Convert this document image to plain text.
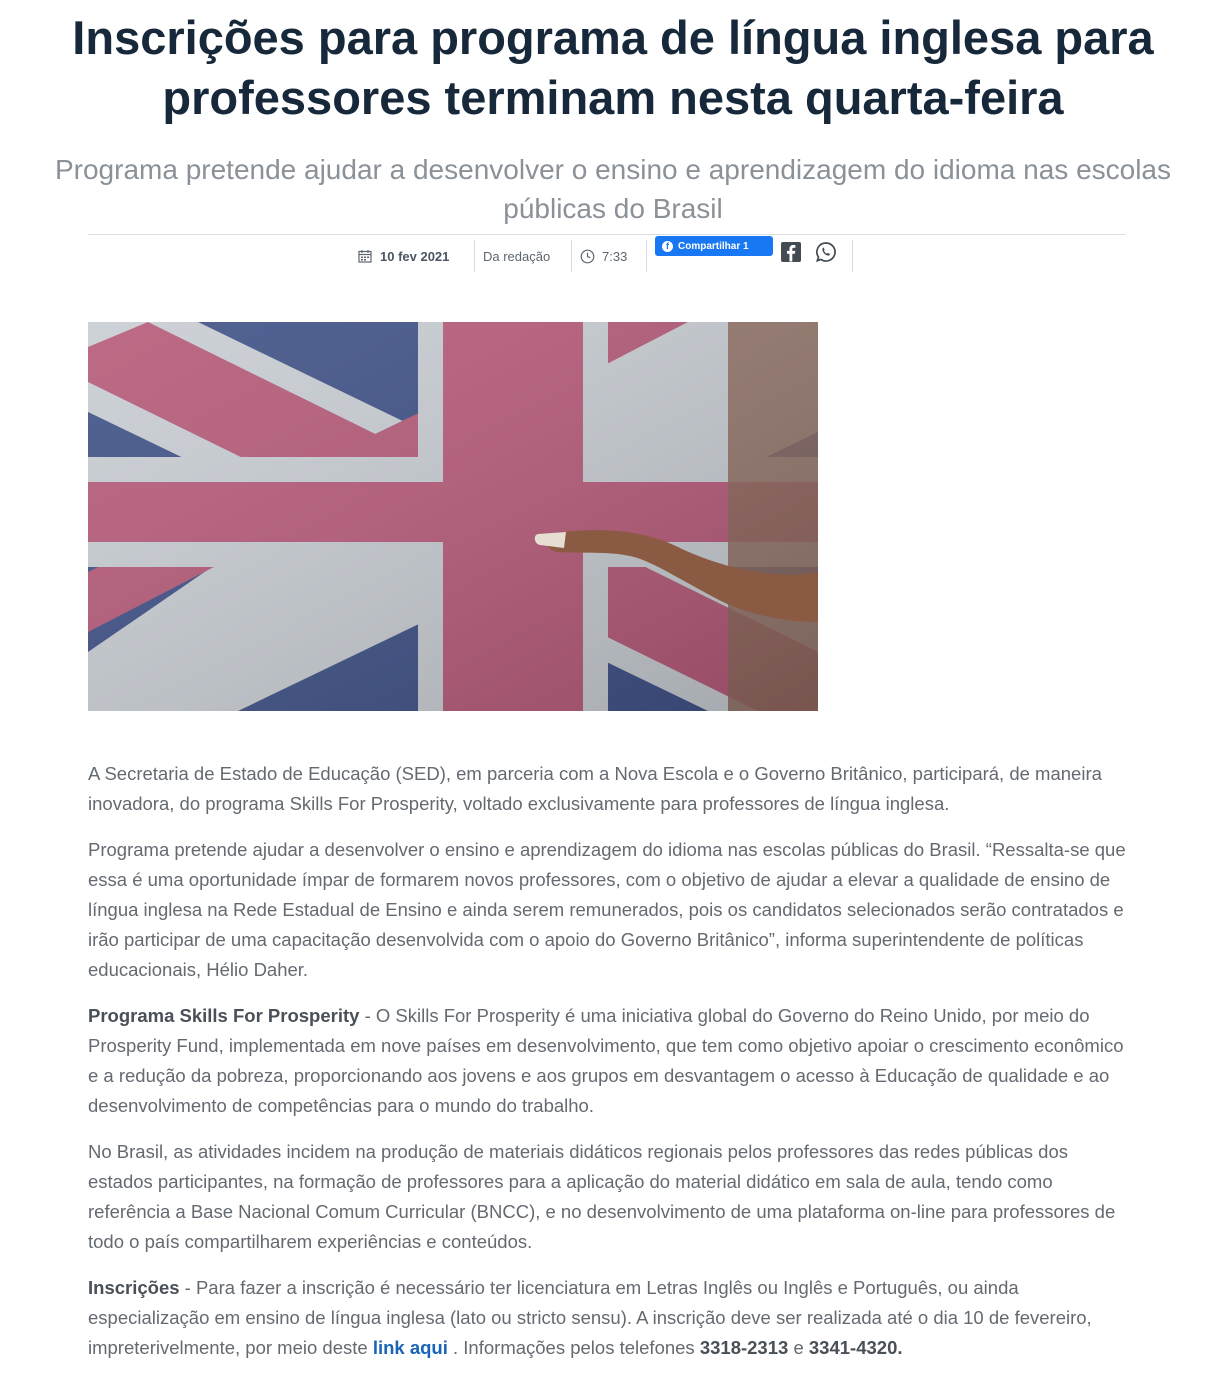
Inscrições para programa de língua inglesa para professores terminam nesta quarta-feira
Programa pretende ajudar a desenvolver o ensino e aprendizagem do idioma nas escolas públicas do Brasil
10 fev 2021	Da redação	7:33
f Compartilhar 1

A Secretaria de Estado de Educação (SED), em parceria com a Nova Escola e o Governo Britânico, participará, de maneira inovadora, do programa Skills For Prosperity, voltado exclusivamente para professores de língua inglesa.

Programa pretende ajudar a desenvolver o ensino e aprendizagem do idioma nas escolas públicas do Brasil. “Ressalta-se que essa é uma oportunidade ímpar de formarem novos professores, com o objetivo de ajudar a elevar a qualidade de ensino de língua inglesa na Rede Estadual de Ensino e ainda serem remunerados, pois os candidatos selecionados serão contratados e irão participar de uma capacitação desenvolvida com o apoio do Governo Britânico”, informa superintendente de políticas educacionais, Hélio Daher.

Programa Skills For Prosperity - O Skills For Prosperity é uma iniciativa global do Governo do Reino Unido, por meio do Prosperity Fund, implementada em nove países em desenvolvimento, que tem como objetivo apoiar o crescimento econômico e a redução da pobreza, proporcionando aos jovens e aos grupos em desvantagem o acesso à Educação de qualidade e ao desenvolvimento de competências para o mundo do trabalho.

No Brasil, as atividades incidem na produção de materiais didáticos regionais pelos professores das redes públicas dos estados participantes, na formação de professores para a aplicação do material didático em sala de aula, tendo como referência a Base Nacional Comum Curricular (BNCC), e no desenvolvimento de uma plataforma on-line para professores de todo o país compartilharem experiências e conteúdos.

Inscrições - Para fazer a inscrição é necessário ter licenciatura em Letras Inglês ou Inglês e Português, ou ainda especialização em ensino de língua inglesa (lato ou stricto sensu). A inscrição deve ser realizada até o dia 10 de fevereiro, impreterivelmente, por meio deste link aqui . Informações pelos telefones 3318-2313 e 3341-4320.
